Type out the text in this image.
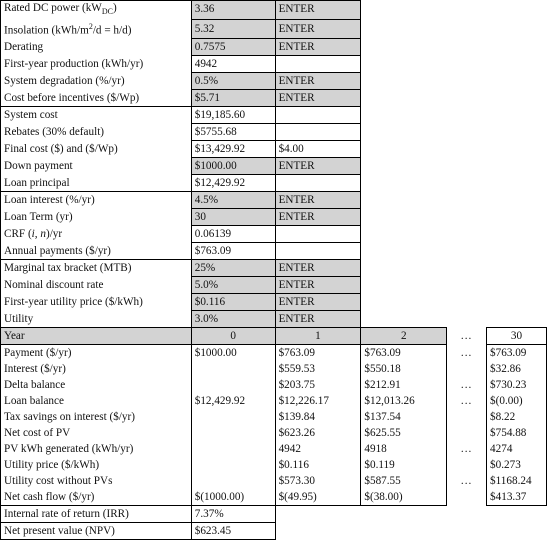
Rated DC power $(kW_{DC})$	3.36	ENTER			
Insolation $(kWh/m^2/d = h/d)$	5.32	ENTER			
Derating	0.7575	ENTER			
First-year production (kWh/yr)	4942				
System degradation (%/yr)	0.5%	ENTER			
Cost before incentives ($/Wp)	$5.71	ENTER			
System cost	$19,185.60				
Rebates (30% default)	$5755.68				
Final cost ($) and ($/Wp)	$13,429.92	$4.00			
Down payment	$1000.00	ENTER			
Loan principal	$12,429.92				
Loan interest (%/yr)	4.5%	ENTER			
Loan Term (yr)	30	ENTER			
CRF (i, n)/yr	0.06139				
Annual payments ($/yr)	$763.09				
Marginal tax bracket (MTB)	25%	ENTER			
Nominal discount rate	5.0%	ENTER			
First-year utility price ($/kWh)	$0.116	ENTER			
Utility	3.0%	ENTER			
Year	0	1	2	...	30
Payment ($/yr)	$1000.00	$763.09	$763.09	...	$763.09
Interest ($/yr)		$559.53	$550.18		$32.86
Delta balance		$203.75	$212.91	...	$730.23
Loan balance	$12,429.92	$12,226.17	$12,013.26	...	$(0.00)
Tax savings on interest ($/yr)		$139.84	$137.54		$8.22
Net cost of PV		$623.26	$625.55		$754.88
PV kWh generated (kWh/yr)		4942	4918	...	4274
Utility price ($/kWh)		$0.116	$0.119		$0.273
Utility cost without PVs		$573.30	$587.55	...	$1168.24
Net cash flow ($/yr)	$(1000.00)	$(49.95)	$(38.00)		$413.37
Internal rate of return (IRR)	7.37%				
Net present value (NPV)	$623.45				
